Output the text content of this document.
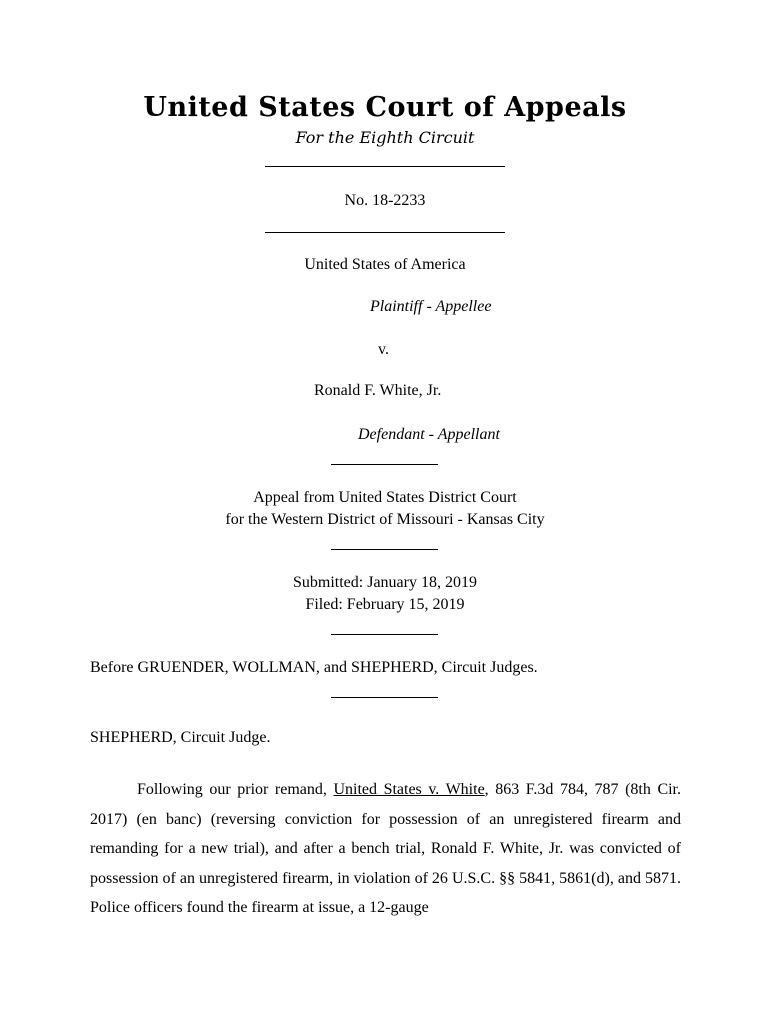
United States Court of Appeals
For the Eighth Circuit
No. 18-2233
United States of America
Plaintiff - Appellee
v.
Ronald F. White, Jr.
Defendant - Appellant
Appeal from United States District Court
for the Western District of Missouri - Kansas City
Submitted: January 18, 2019
Filed: February 15, 2019
Before GRUENDER, WOLLMAN, and SHEPHERD, Circuit Judges.
SHEPHERD, Circuit Judge.
Following our prior remand, United States v. White, 863 F.3d 784, 787 (8th Cir. 2017) (en banc) (reversing conviction for possession of an unregistered firearm and remanding for a new trial), and after a bench trial, Ronald F. White, Jr. was convicted of possession of an unregistered firearm, in violation of 26 U.S.C. §§ 5841, 5861(d), and 5871. Police officers found the firearm at issue, a 12-gauge
